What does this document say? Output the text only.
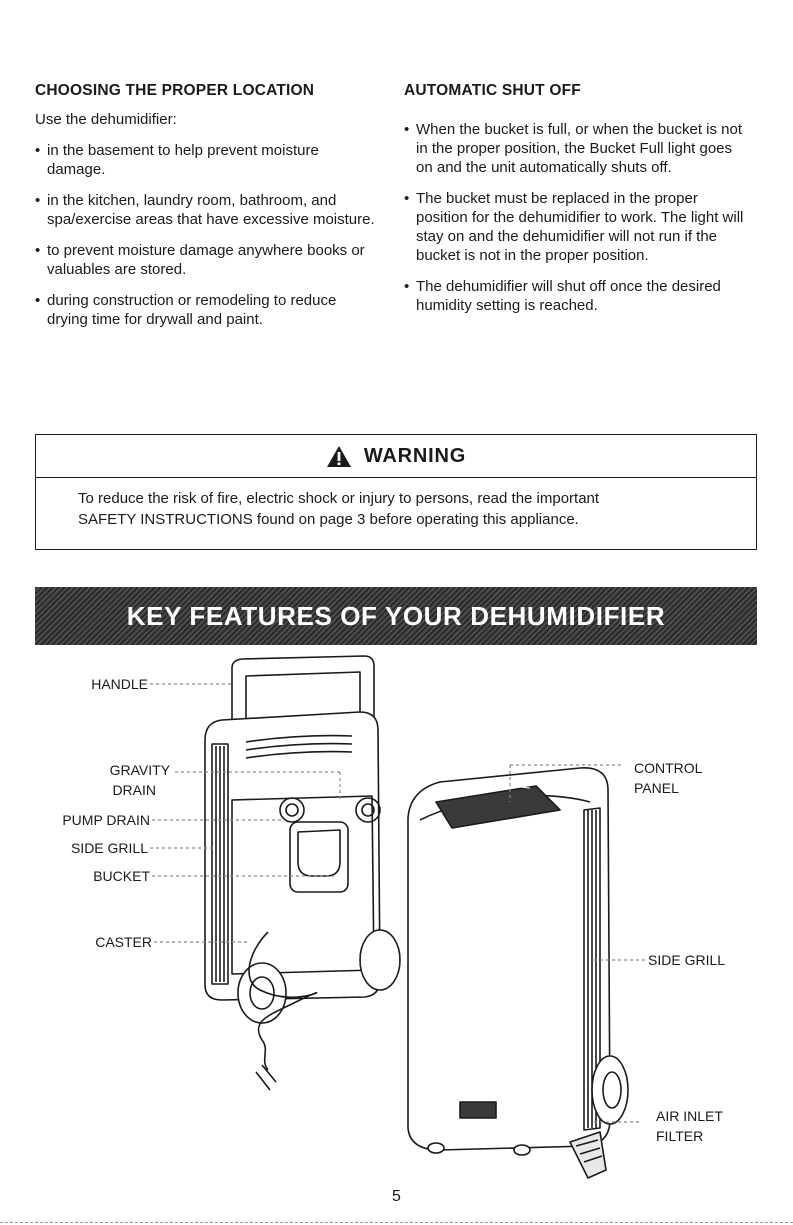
CHOOSING THE PROPER LOCATION

Use the dehumidifier:

• in the basement to help prevent moisture damage.
• in the kitchen, laundry room, bathroom, and spa/exercise areas that have excessive moisture.
• to prevent moisture damage anywhere books or valuables are stored.
• during construction or remodeling to reduce drying time for drywall and paint.
AUTOMATIC SHUT OFF
• When the bucket is full, or when the bucket is not in the proper position, the Bucket Full light goes on and the unit automatically shuts off.
• The bucket must be replaced in the proper position for the dehumidifier to work. The light will stay on and the dehumidifier will not run if the bucket is not in the proper position.
• The dehumidifier will shut off once the desired humidity setting is reached.
WARNING
To reduce the risk of fire, electric shock or injury to persons, read the important
SAFETY INSTRUCTIONS found on page 3 before operating this appliance.
KEY FEATURES OF YOUR DEHUMIDIFIER
HANDLE
GRAVITY
DRAIN
PUMP DRAIN
SIDE GRILL
BUCKET
CASTER
CONTROL
PANEL
SIDE GRILL
AIR INLET
FILTER
5
